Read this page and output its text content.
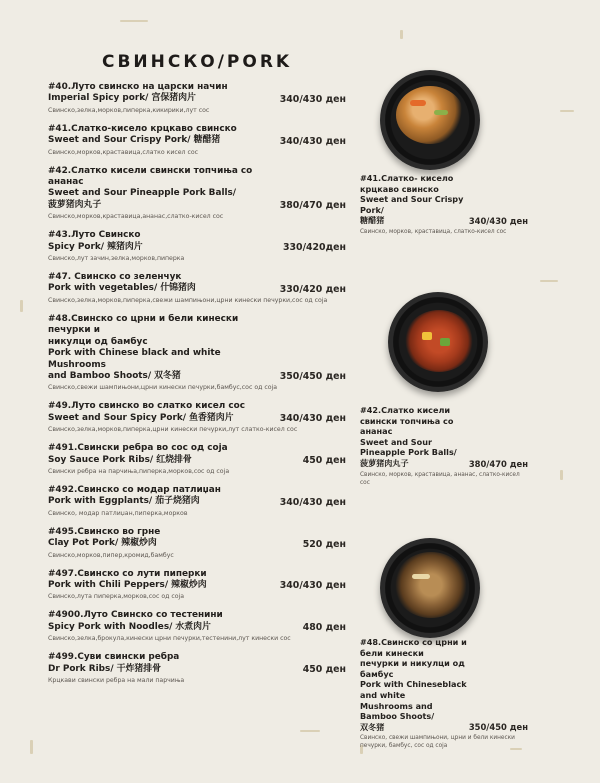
СВИНСКО/PORK
#40.Луто свинско на царски начин
Imperial Spicy pork/ 宫保猪肉片	340/430 ден
Свинско,зелка,морков,пиперка,кикирики,лут сос
#41.Слатко-кисело крцкаво свинско
Sweet and Sour Crispy Pork/ 糖醋猪	340/430 ден
Свинско,морков,краставица,слатко кисел сос
#42.Слатко кисели свински топчиња со ананас
Sweet and Sour Pineapple Pork Balls/
菠萝猪肉丸子	380/470 ден
Свинско,морков,краставица,ананас,слатко-кисел сос
#43.Луто Свинско
Spicy Pork/ 辣猪肉片	330/420ден
Свинско,лут зачин,зелка,морков,пиперка
#47. Свинско со зеленчук
Pork with vegetables/ 什锦猪肉	330/420 ден
Свинско,зелка,морков,пиперка,свежи шампињони,црни кинески печурки,сос од соја
#48.Свинско со црни и бели кинески печурки и
никулци од бамбус
Pork with Chinese black and white Mushrooms
and Bamboo Shoots/ 双冬猪	350/450 ден
Свинско,свежи шампињони,црни кинески печурки,бамбус,сос од соја
#49.Луто свинско во слатко кисел сос
Sweet and Sour Spicy Pork/ 鱼香猪肉片	340/430 ден
Свинско,зелка,морков,пиперка,црни кинески печурки,лут слатко-кисел сос
#491.Свински ребра во сос од соја
Soy Sauce Pork Ribs/ 红烧排骨	450 ден
Свински ребра на парчиња,пиперка,морков,сос од соја
#492.Свинско со модар патлиџан
Pork with Eggplants/ 茄子烧猪肉	340/430 ден
Свинско, модар патлиџан,пиперка,морков
#495.Свинско во грне
Clay Pot Pork/ 辣椒炒肉	520 ден
Свинско,морков,пипер,кромид,бамбус
#497.Свинско со лути пиперки
Pork with Chili Peppers/ 辣椒炒肉	340/430 ден
Свинско,лута пиперка,морков,сос од соја
#4900.Луто Свинско со тестенини
Spicy Pork with Noodles/ 水煮肉片	480 ден
Свинско,зелка,брокула,кинески црни печурки,тестенини,лут кинески сос
#499.Суви свински ребра
Dr Pork Ribs/ 干炸猪排骨	450 ден
Крцкави свински ребра на мали парчиња
#41.Слатко- кисело крцкаво свинско
Sweet and Sour Crispy Pork/
糖醋猪	340/430 ден
Свинско, морков, краставица, слатко-кисел сос
#42.Слатко кисели
свински топчиња со ананас
Sweet and Sour Pineapple Pork Balls/
菠萝猪肉丸子	380/470 ден
Свинско, морков, краставица, ананас, слатко-кисел сос
#48.Свинско со црни и бели кинески
печурки и никулци од бамбус
Pork with Chineseblack and white
Mushrooms and Bamboo Shoots/
双冬猪	350/450 ден
Свинско, свежи шампињони, црни и бели кинески
печурки, бамбус, сос од соја
